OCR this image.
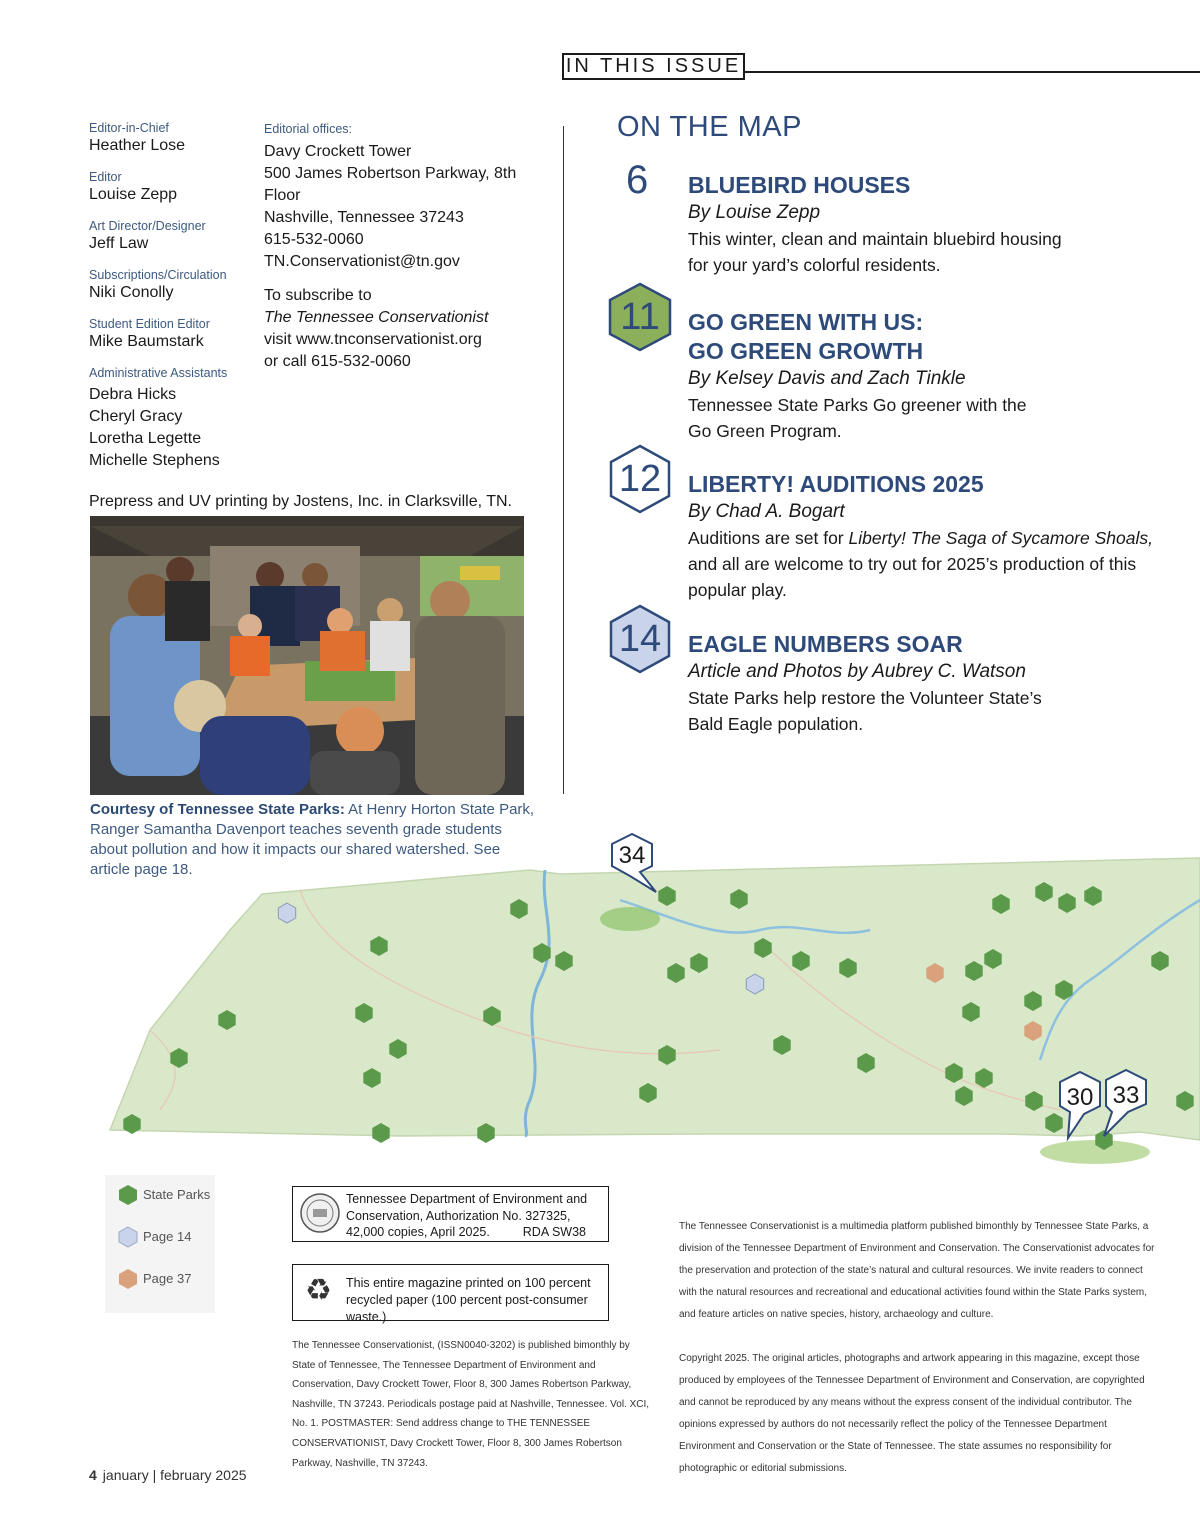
IN THIS ISSUE
Editor-in-Chief
Heather Lose
Editor
Louise Zepp
Art Director/Designer
Jeff Law
Subscriptions/Circulation
Niki Conolly
Student Edition Editor
Mike Baumstark
Administrative Assistants
Debra Hicks
Cheryl Gracy
Loretha Legette
Michelle Stephens
Editorial offices:
Davy Crockett Tower
500 James Robertson Parkway, 8th Floor
Nashville, Tennessee 37243
615-532-0060
TN.Conservationist@tn.gov
To subscribe to
The Tennessee Conservationist
visit www.tnconservationist.org
or call 615-532-0060
Prepress and UV printing by Jostens, Inc. in Clarksville, TN.
Courtesy of Tennessee State Parks: At Henry Horton State Park, Ranger Samantha Davenport teaches seventh grade students about pollution and how it impacts our shared watershed. See article page 18.
ON THE MAP
6 BLUEBIRD HOUSES
By Louise Zepp
This winter, clean and maintain bluebird housing
for your yard’s colorful residents.
11 GO GREEN WITH US:
GO GREEN GROWTH
By Kelsey Davis and Zach Tinkle
Tennessee State Parks Go greener with the
Go Green Program.
12 LIBERTY! AUDITIONS 2025
By Chad A. Bogart
Auditions are set for Liberty! The Saga of Sycamore Shoals, and all are welcome to try out for 2025’s production of this popular play.
14 EAGLE NUMBERS SOAR
Article and Photos by Aubrey C. Watson
State Parks help restore the Volunteer State’s
Bald Eagle population.
34
30 33
State Parks
Page 14
Page 37
Tennessee Department of Environment and
Conservation, Authorization No. 327325,
42,000 copies, April 2025.	RDA SW38
♻ This entire magazine printed on 100 percent
recycled paper (100 percent post-consumer waste.)
The Tennessee Conservationist, (ISSN0040-3202) is published bimonthly by State of Tennessee, The Tennessee Department of Environment and Conservation, Davy Crockett Tower, Floor 8, 300 James Robertson Parkway, Nashville, TN 37243. Periodicals postage paid at Nashville, Tennessee. Vol. XCI, No. 1. POSTMASTER: Send address change to THE TENNESSEE CONSERVATIONIST, Davy Crockett Tower, Floor 8, 300 James Robertson Parkway, Nashville, TN 37243.
The Tennessee Conservationist is a multimedia platform published bimonthly by Tennessee State Parks, a division of the Tennessee Department of Environment and Conservation. The Conservationist advocates for the preservation and protection of the state’s natural and cultural resources. We invite readers to connect with the natural resources and recreational and educational activities found within the State Parks system, and feature articles on native species, history, archaeology and culture.
Copyright 2025. The original articles, photographs and artwork appearing in this magazine, except those produced by employees of the Tennessee Department of Environment and Conservation, are copyrighted and cannot be reproduced by any means without the express consent of the individual contributor. The opinions expressed by authors do not necessarily reflect the policy of the Tennessee Department Environment and Conservation or the State of Tennessee. The state assumes no responsibility for photographic or editorial submissions.
4 january | february 2025
